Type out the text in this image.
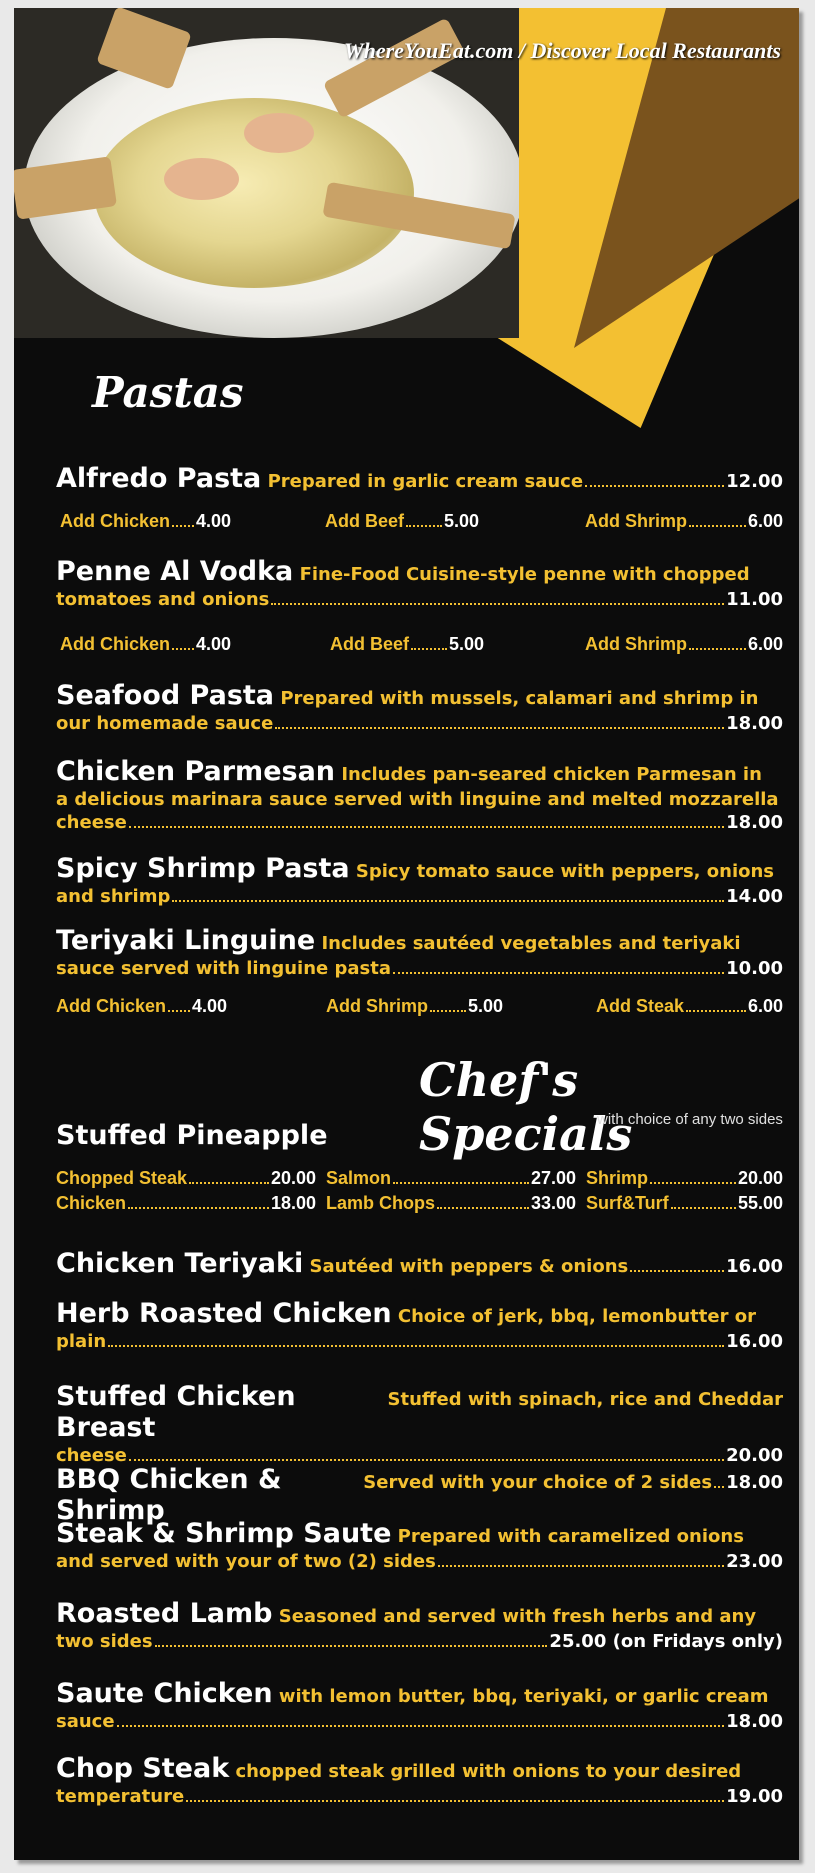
WhereYouEat.com / Discover Local Restaurants
Pastas
Alfredo Pasta
Prepared in garlic cream sauce	12.00
Add Chicken 4.00	Add Beef 5.00	Add Shrimp	6.00
Penne Al Vodka
Fine-Food Cuisine-style penne with chopped
tomatoes and onions	11.00
Add Chicken 4.00	Add Beef 5.00	Add Shrimp	6.00
Seafood Pasta
Prepared with mussels, calamari and shrimp in
our homemade sauce	18.00
Chicken Parmesan
Includes pan-seared chicken Parmesan in
a delicious marinara sauce served with linguine and melted mozzarella
cheese	18.00
Spicy Shrimp Pasta
Spicy tomato sauce with peppers, onions
and shrimp	14.00
Teriyaki Linguine
Includes sautéed vegetables and teriyaki
sauce served with linguine pasta	10.00
Add Chicken 4.00	Add Shrimp 5.00	Add Steak	6.00
Chef's Specials
with choice of any two sides
Stuffed Pineapple
Chopped Steak	20.00 Salmon	27.00 Shrimp	20.00
Chicken	18.00 Lamb Chops	33.00 Surf&Turf	55.00
Chicken Teriyaki
Sautéed with peppers & onions	16.00
Herb Roasted Chicken
Choice of jerk, bbq, lemonbutter or
plain	16.00
Stuffed Chicken Breast

Stuffed with spinach, rice and Cheddar
cheese	20.00
BBQ Chicken & Shrimp

Served with your choice of 2 sides 18.00
Steak & Shrimp Saute
Prepared with caramelized onions
and served with your of two (2) sides	23.00
Roasted Lamb
Seasoned and served with fresh herbs and any
two sides	25.00 (on Fridays only)
Saute Chicken
with lemon butter, bbq, teriyaki, or garlic cream
sauce	18.00
Chop Steak
chopped steak grilled with onions to your desired
temperature	19.00
